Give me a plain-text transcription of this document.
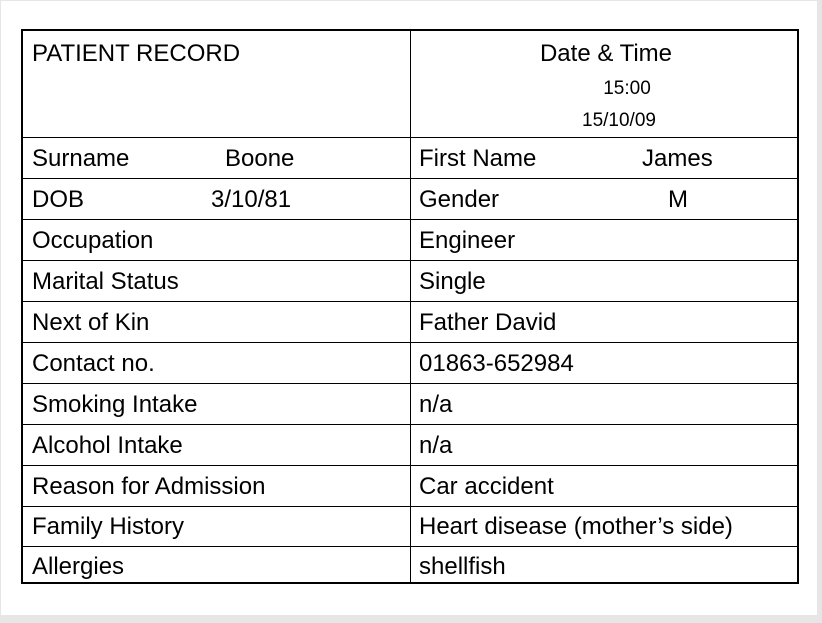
PATIENT RECORD	Date & Time
15:00
15/10/09
Surname	Boone	First Name	James
DOB	3/10/81	Gender	M
Occupation	Engineer
Marital Status	Single
Next of Kin	Father David
Contact no.	01863-652984
Smoking Intake	n/a
Alcohol Intake	n/a
Reason for Admission	Car accident
Family History	Heart disease (mother’s side)
Allergies	shellfish
